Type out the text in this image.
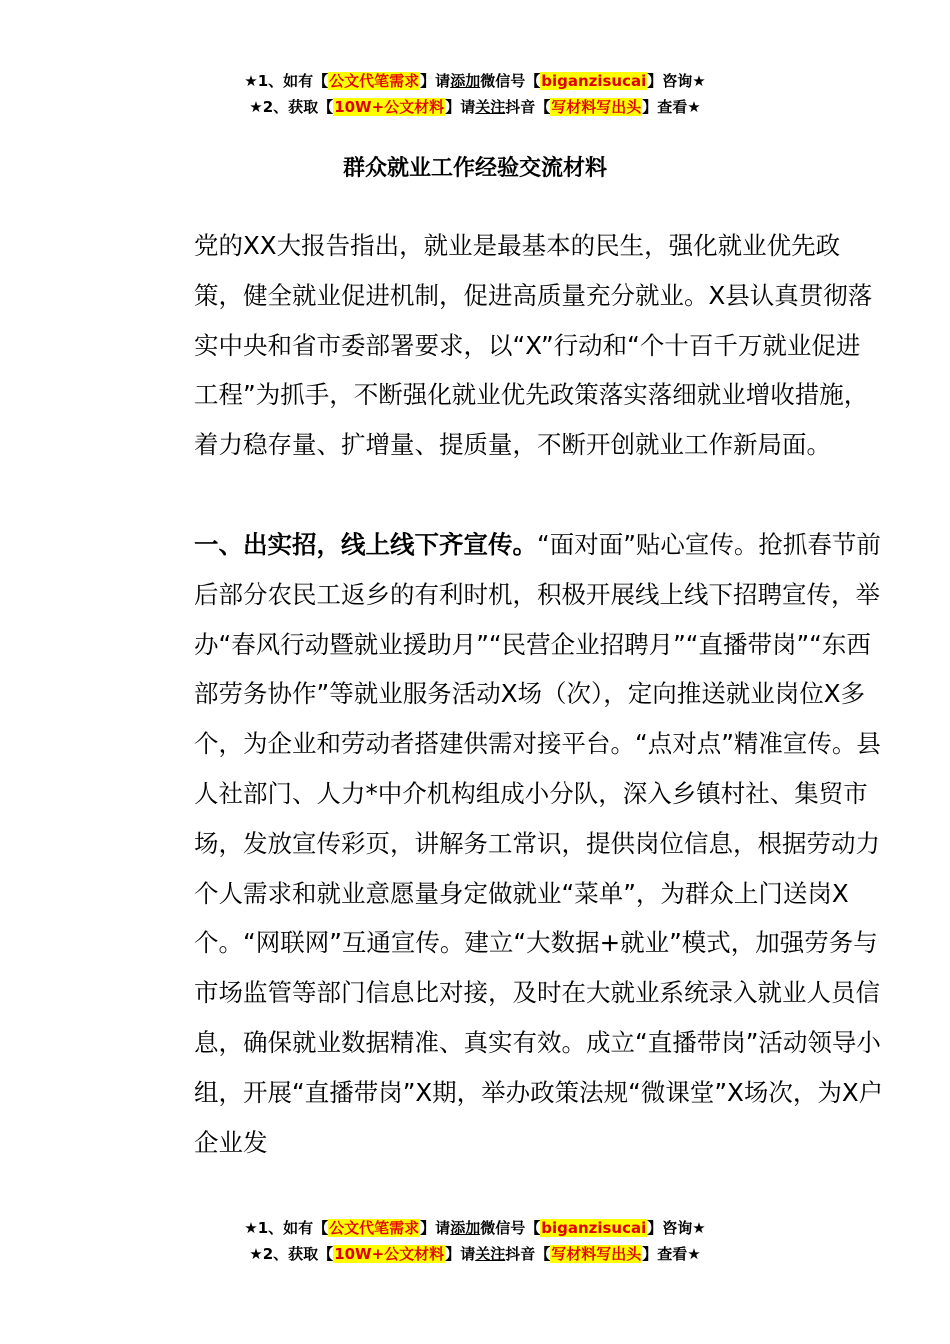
★1、如有【公文代笔需求】请添加微信号【biganzisucai】咨询★
★2、获取【10W+公文材料】请关注抖音【写材料写出头】查看★
群众就业工作经验交流材料
党的XX大报告指出，就业是最基本的民生，强化就业优先政策，健全就业促进机制，促进高质量充分就业。X县认真贯彻落实中央和省市委部署要求，以“X”行动和“个十百千万就业促进工程”为抓手，不断强化就业优先政策落实落细就业增收措施，着力稳存量、扩增量、提质量，不断开创就业工作新局面。
一、出实招，线上线下齐宣传。“面对面”贴心宣传。抢抓春节前后部分农民工返乡的有利时机，积极开展线上线下招聘宣传，举办“春风行动暨就业援助月”“民营企业招聘月”“直播带岗”“东西部劳务协作”等就业服务活动X场（次），定向推送就业岗位X多个，为企业和劳动者搭建供需对接平台。“点对点”精准宣传。县人社部门、人力*中介机构组成小分队，深入乡镇村社、集贸市场，发放宣传彩页，讲解务工常识，提供岗位信息，根据劳动力个人需求和就业意愿量身定做就业“菜单”，为群众上门送岗X个。“网联网”互通宣传。建立“大数据+就业”模式，加强劳务与市场监管等部门信息比对接，及时在大就业系统录入就业人员信息，确保就业数据精准、真实有效。成立“直播带岗”活动领导小组，开展“直播带岗”X期，举办政策法规“微课堂”X场次，为X户企业发
★1、如有【公文代笔需求】请添加微信号【biganzisucai】咨询★
★2、获取【10W+公文材料】请关注抖音【写材料写出头】查看★
